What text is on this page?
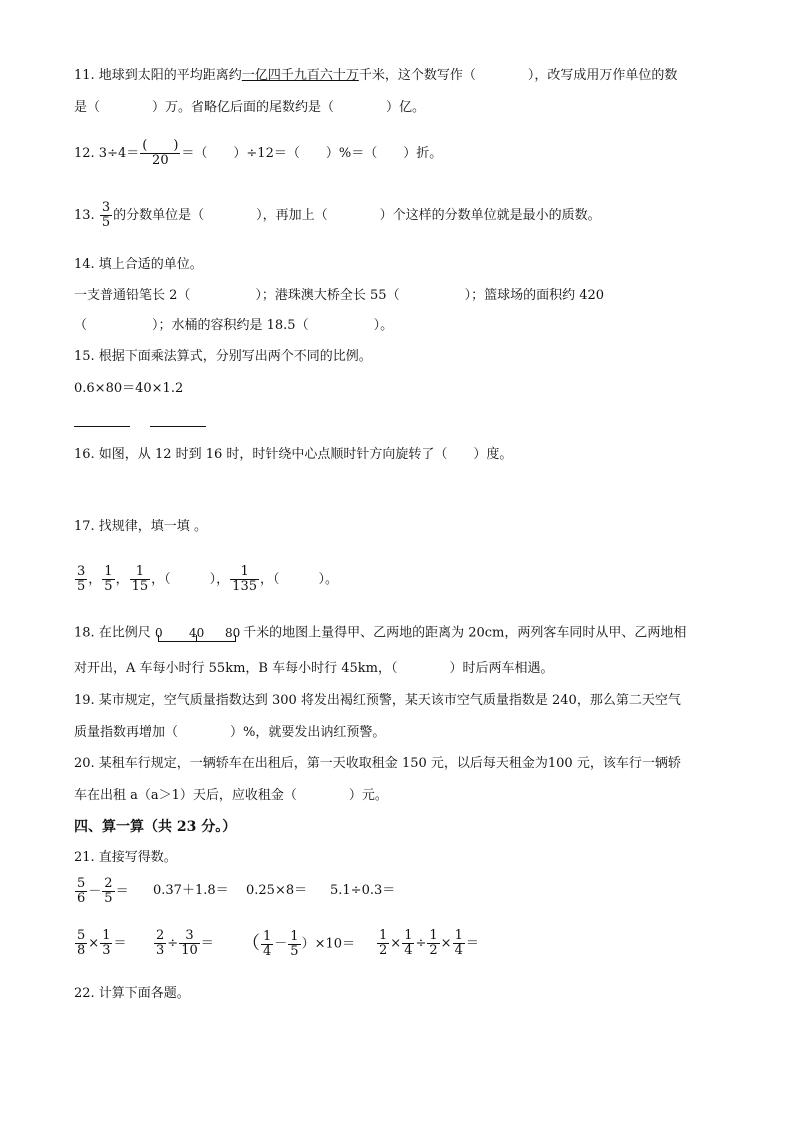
11. 地球到太阳的平均距离约一亿四千九百六十万千米，这个数写作（　　　　），改写成用万作单位的数
是（　　　　）万。省略亿后面的尾数约是（　　　　）亿。
12. $3\div 4= \frac{( )}{20}$ ＝（　　）÷12＝（　　）%＝（　　）折。
13. $\frac{3}{5}$ 的分数单位是（　　　　），再加上（　　　　）个这样的分数单位就是最小的质数。
14. 填上合适的单位。
一支普通铅笔长 2（　　　　　）；港珠澳大桥全长 55（　　　　　）；篮球场的面积约 420
（　　　　　）；水桶的容积约是 18.5（　　　　　）。
15. 根据下面乘法算式，分别写出两个不同的比例。
0.6×80＝40×1.2
16. 如图，从 12 时到 16 时，时针绕中心点顺时针方向旋转了（　　）度。
17. 找规律，填一填 。
$\frac{3}{5}$ ， $\frac{1}{5}$ ， $\frac{1}{15}$ ，（　　　）， $\frac{1}{135}$ ，（　　　）。
18. 在比例尺 0 40 80 千米的地图上量得甲、乙两地的距离为 20cm，两列客车同时从甲、乙两地相
对开出，A 车每小时行 55km，B 车每小时行 45km，（　　　　）时后两车相遇。
19. 某市规定，空气质量指数达到 300 将发出褐红预警，某天该市空气质量指数是 240，那么第二天空气
质量指数再增加（　　　　）%，就要发出讷红预警。
20. 某租车行规定，一辆轿车在出租后，第一天收取租金 150 元，以后每天租金为100 元，该车行一辆轿
车在出租 a（a＞1）天后，应收租金（　　　　）元。
四、算一算（共 23 分。）
21. 直接写得数。
$\frac{5}{6} - \frac{2}{5} = 0.37+1.8= 0.25\times 8= 5.1\div 0.3=$
$\frac{5}{8} \times \frac{1}{3} = \frac{2}{3} \div \frac{3}{10}$ ＝ （ $\frac{1}{4} - \frac{1}{5} )\times 10= \frac{1}{2} \times \frac{1}{4} \div \frac{1}{2} \times \frac{1}{4}$ ＝
22. 计算下面各题。
